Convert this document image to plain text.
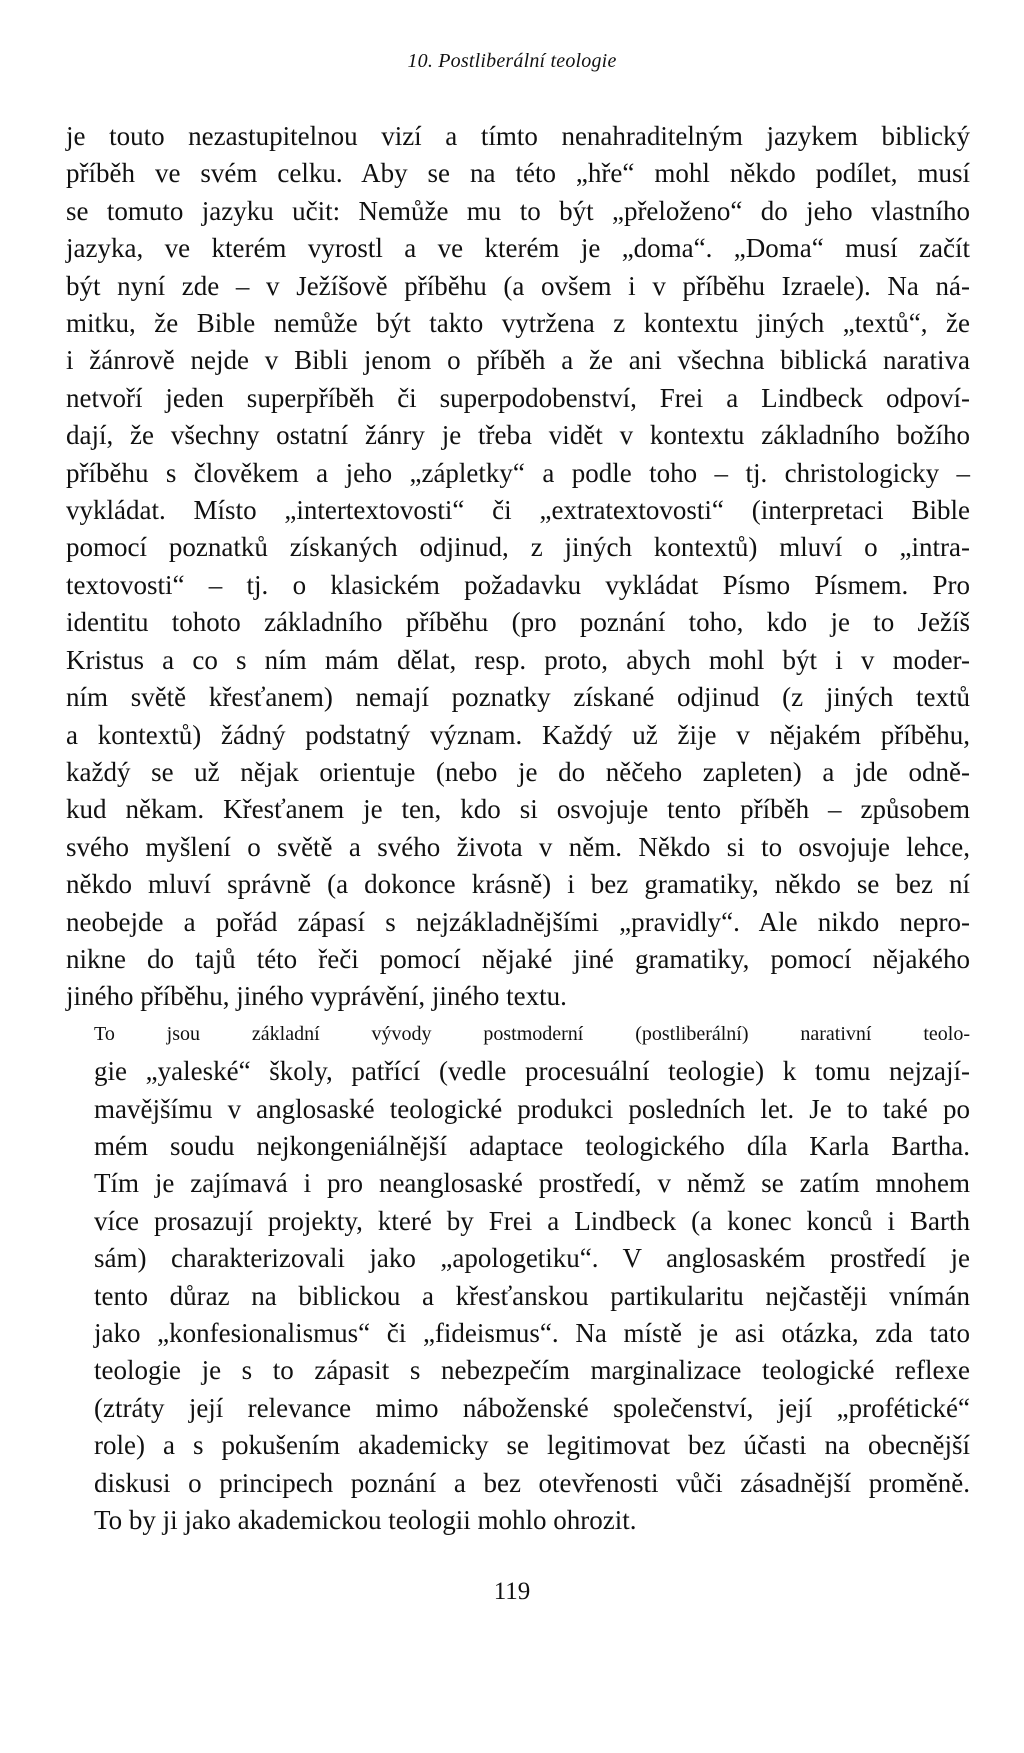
10. Postliberální teologie

je touto nezastupitelnou vizí a tímto nenahraditelným jazykem biblický
příběh ve svém celku. Aby se na této „hře“ mohl někdo podílet, musí
se tomuto jazyku učit: Nemůže mu to být „přeloženo“ do jeho vlastního
jazyka, ve kterém vyrostl a ve kterém je „doma“. „Doma“ musí začít
být nyní zde – v Ježíšově příběhu (a ovšem i v příběhu Izraele). Na ná-
mitku, že Bible nemůže být takto vytržena z kontextu jiných „textů“, že
i žánrově nejde v Bibli jenom o příběh a že ani všechna biblická narativa
netvoří jeden superpříběh či superpodobenství, Frei a Lindbeck odpoví-
dají, že všechny ostatní žánry je třeba vidět v kontextu základního božího
příběhu s člověkem a jeho „zápletky“ a podle toho – tj. christologicky –
vykládat. Místo „intertextovosti“ či „extratextovosti“ (interpretaci Bible
pomocí poznatků získaných odjinud, z jiných kontextů) mluví o „intra-
textovosti“ – tj. o klasickém požadavku vykládat Písmo Písmem. Pro
identitu tohoto základního příběhu (pro poznání toho, kdo je to Ježíš
Kristus a co s ním mám dělat, resp. proto, abych mohl být i v moder-
ním světě křesťanem) nemají poznatky získané odjinud (z jiných textů
a kontextů) žádný podstatný význam. Každý už žije v nějakém příběhu,
každý se už nějak orientuje (nebo je do něčeho zapleten) a jde odně-
kud někam. Křesťanem je ten, kdo si osvojuje tento příběh – způsobem
svého myšlení o světě a svého života v něm. Někdo si to osvojuje lehce,
někdo mluví správně (a dokonce krásně) i bez gramatiky, někdo se bez ní
neobejde a pořád zápasí s nejzákladnějšími „pravidly“. Ale nikdo nepro-
nikne do tajů této řeči pomocí nějaké jiné gramatiky, pomocí nějakého
jiného příběhu, jiného vyprávění, jiného textu.

To jsou základní vývody postmoderní (postliberální) narativní teolo-
gie „yaleské“ školy, patřící (vedle procesuální teologie) k tomu nejzají-
mavějšímu v anglosaské teologické produkci posledních let. Je to také po
mém soudu nejkongeniálnější adaptace teologického díla Karla Bartha.
Tím je zajímavá i pro neanglosaské prostředí, v němž se zatím mnohem
více prosazují projekty, které by Frei a Lindbeck (a konec konců i Barth
sám) charakterizovali jako „apologetiku“. V anglosaském prostředí je
tento důraz na biblickou a křesťanskou partikularitu nejčastěji vnímán
jako „konfesionalismus“ či „fideismus“. Na místě je asi otázka, zda tato
teologie je s to zápasit s nebezpečím marginalizace teologické reflexe
(ztráty její relevance mimo náboženské společenství, její „profétické“
role) a s pokušením akademicky se legitimovat bez účasti na obecnější
diskusi o principech poznání a bez otevřenosti vůči zásadnější proměně.
To by ji jako akademickou teologii mohlo ohrozit.

119
